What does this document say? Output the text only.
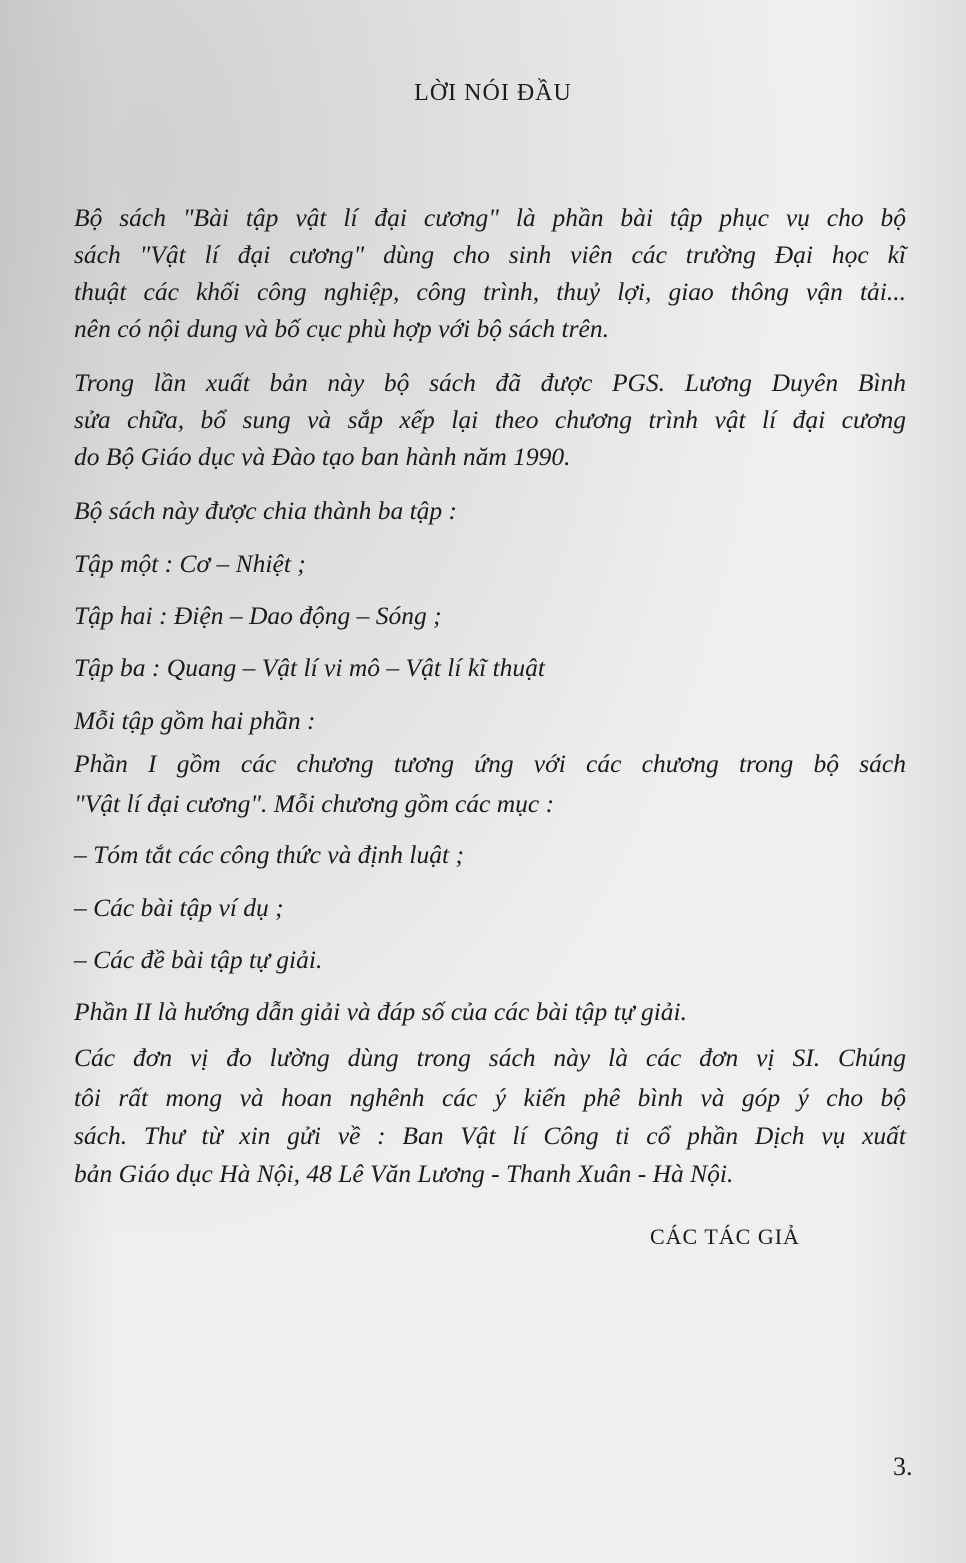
LỜI NÓI ĐẦU
Bộ sách "Bài tập vật lí đại cương" là phần bài tập phục vụ cho bộ
sách "Vật lí đại cương" dùng cho sinh viên các trường Đại học kĩ
thuật các khối công nghiệp, công trình, thuỷ lợi, giao thông vận tải...
nên có nội dung và bố cục phù hợp với bộ sách trên.
Trong lần xuất bản này bộ sách đã được PGS. Lương Duyên Bình
sửa chữa, bổ sung và sắp xếp lại theo chương trình vật lí đại cương
do Bộ Giáo dục và Đào tạo ban hành năm 1990.
Bộ sách này được chia thành ba tập :
Tập một : Cơ – Nhiệt ;
Tập hai : Điện – Dao động – Sóng ;
Tập ba : Quang – Vật lí vi mô – Vật lí kĩ thuật
Mỗi tập gồm hai phần :
Phần I gồm các chương tương ứng với các chương trong bộ sách
"Vật lí đại cương". Mỗi chương gồm các mục :
– Tóm tắt các công thức và định luật ;
– Các bài tập ví dụ ;
– Các đề bài tập tự giải.
Phần II là hướng dẫn giải và đáp số của các bài tập tự giải.
Các đơn vị đo lường dùng trong sách này là các đơn vị SI. Chúng
tôi rất mong và hoan nghênh các ý kiến phê bình và góp ý cho bộ
sách. Thư từ xin gửi về : Ban Vật lí Công ti cổ phần Dịch vụ xuất
bản Giáo dục Hà Nội, 48 Lê Văn Lương - Thanh Xuân - Hà Nội.
CÁC TÁC GIẢ
3.
